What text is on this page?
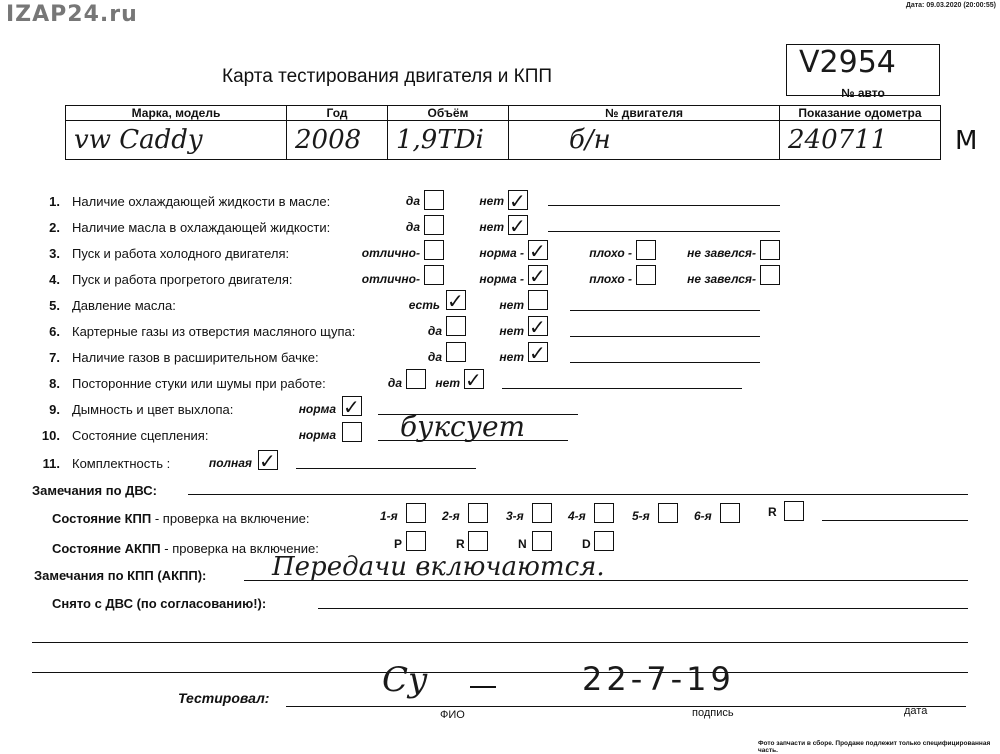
IZAP24.ru	Дата: 09.03.2020 (20:00:55)
Карта тестирования двигателя и КПП	V2954
№ авто
Марка, модель	Год	Объём	№ двигателя	Показание одометра
vw Caddy	2008	1,9TDi	б/н	240711	М
1. Наличие охлаждающей жидкости в масле:	да	нет ✓
2. Наличие масла в охлаждающей жидкости:	да	нет ✓
3. Пуск и работа холодного двигателя:	отлично-	норма - ✓	плохо -	не завелся-
4. Пуск и работа прогретого двигателя:	отлично-	норма - ✓	плохо -	не завелся-
5. Давление масла:	есть ✓	нет
6. Картерные газы из отверстия масляного щупа:	да	нет ✓
7. Наличие газов в расширительном бачке:	да	нет ✓
8. Посторонние стуки или шумы при работе:	да	нет ✓
9. Дымность и цвет выхлопа:	норма ✓
10. Состояние сцепления:	норма буксует
11. Комплектность :	полная ✓
Замечания по ДВС:
Состояние КПП - проверка на включение:	1-я	2-я	3-я	4-я	5-я	6-я	R
Состояние АКПП - проверка на включение:	P	R	N	D
Замечания по КПП (АКПП):	Передачи включаются.
Снято с ДВС (по согласованию!):
Тестировал:	Су	22-7-19
ФИО	подпись	дата
Фото запчасти в сборе. Продаже подлежит только специфицированная часть.
